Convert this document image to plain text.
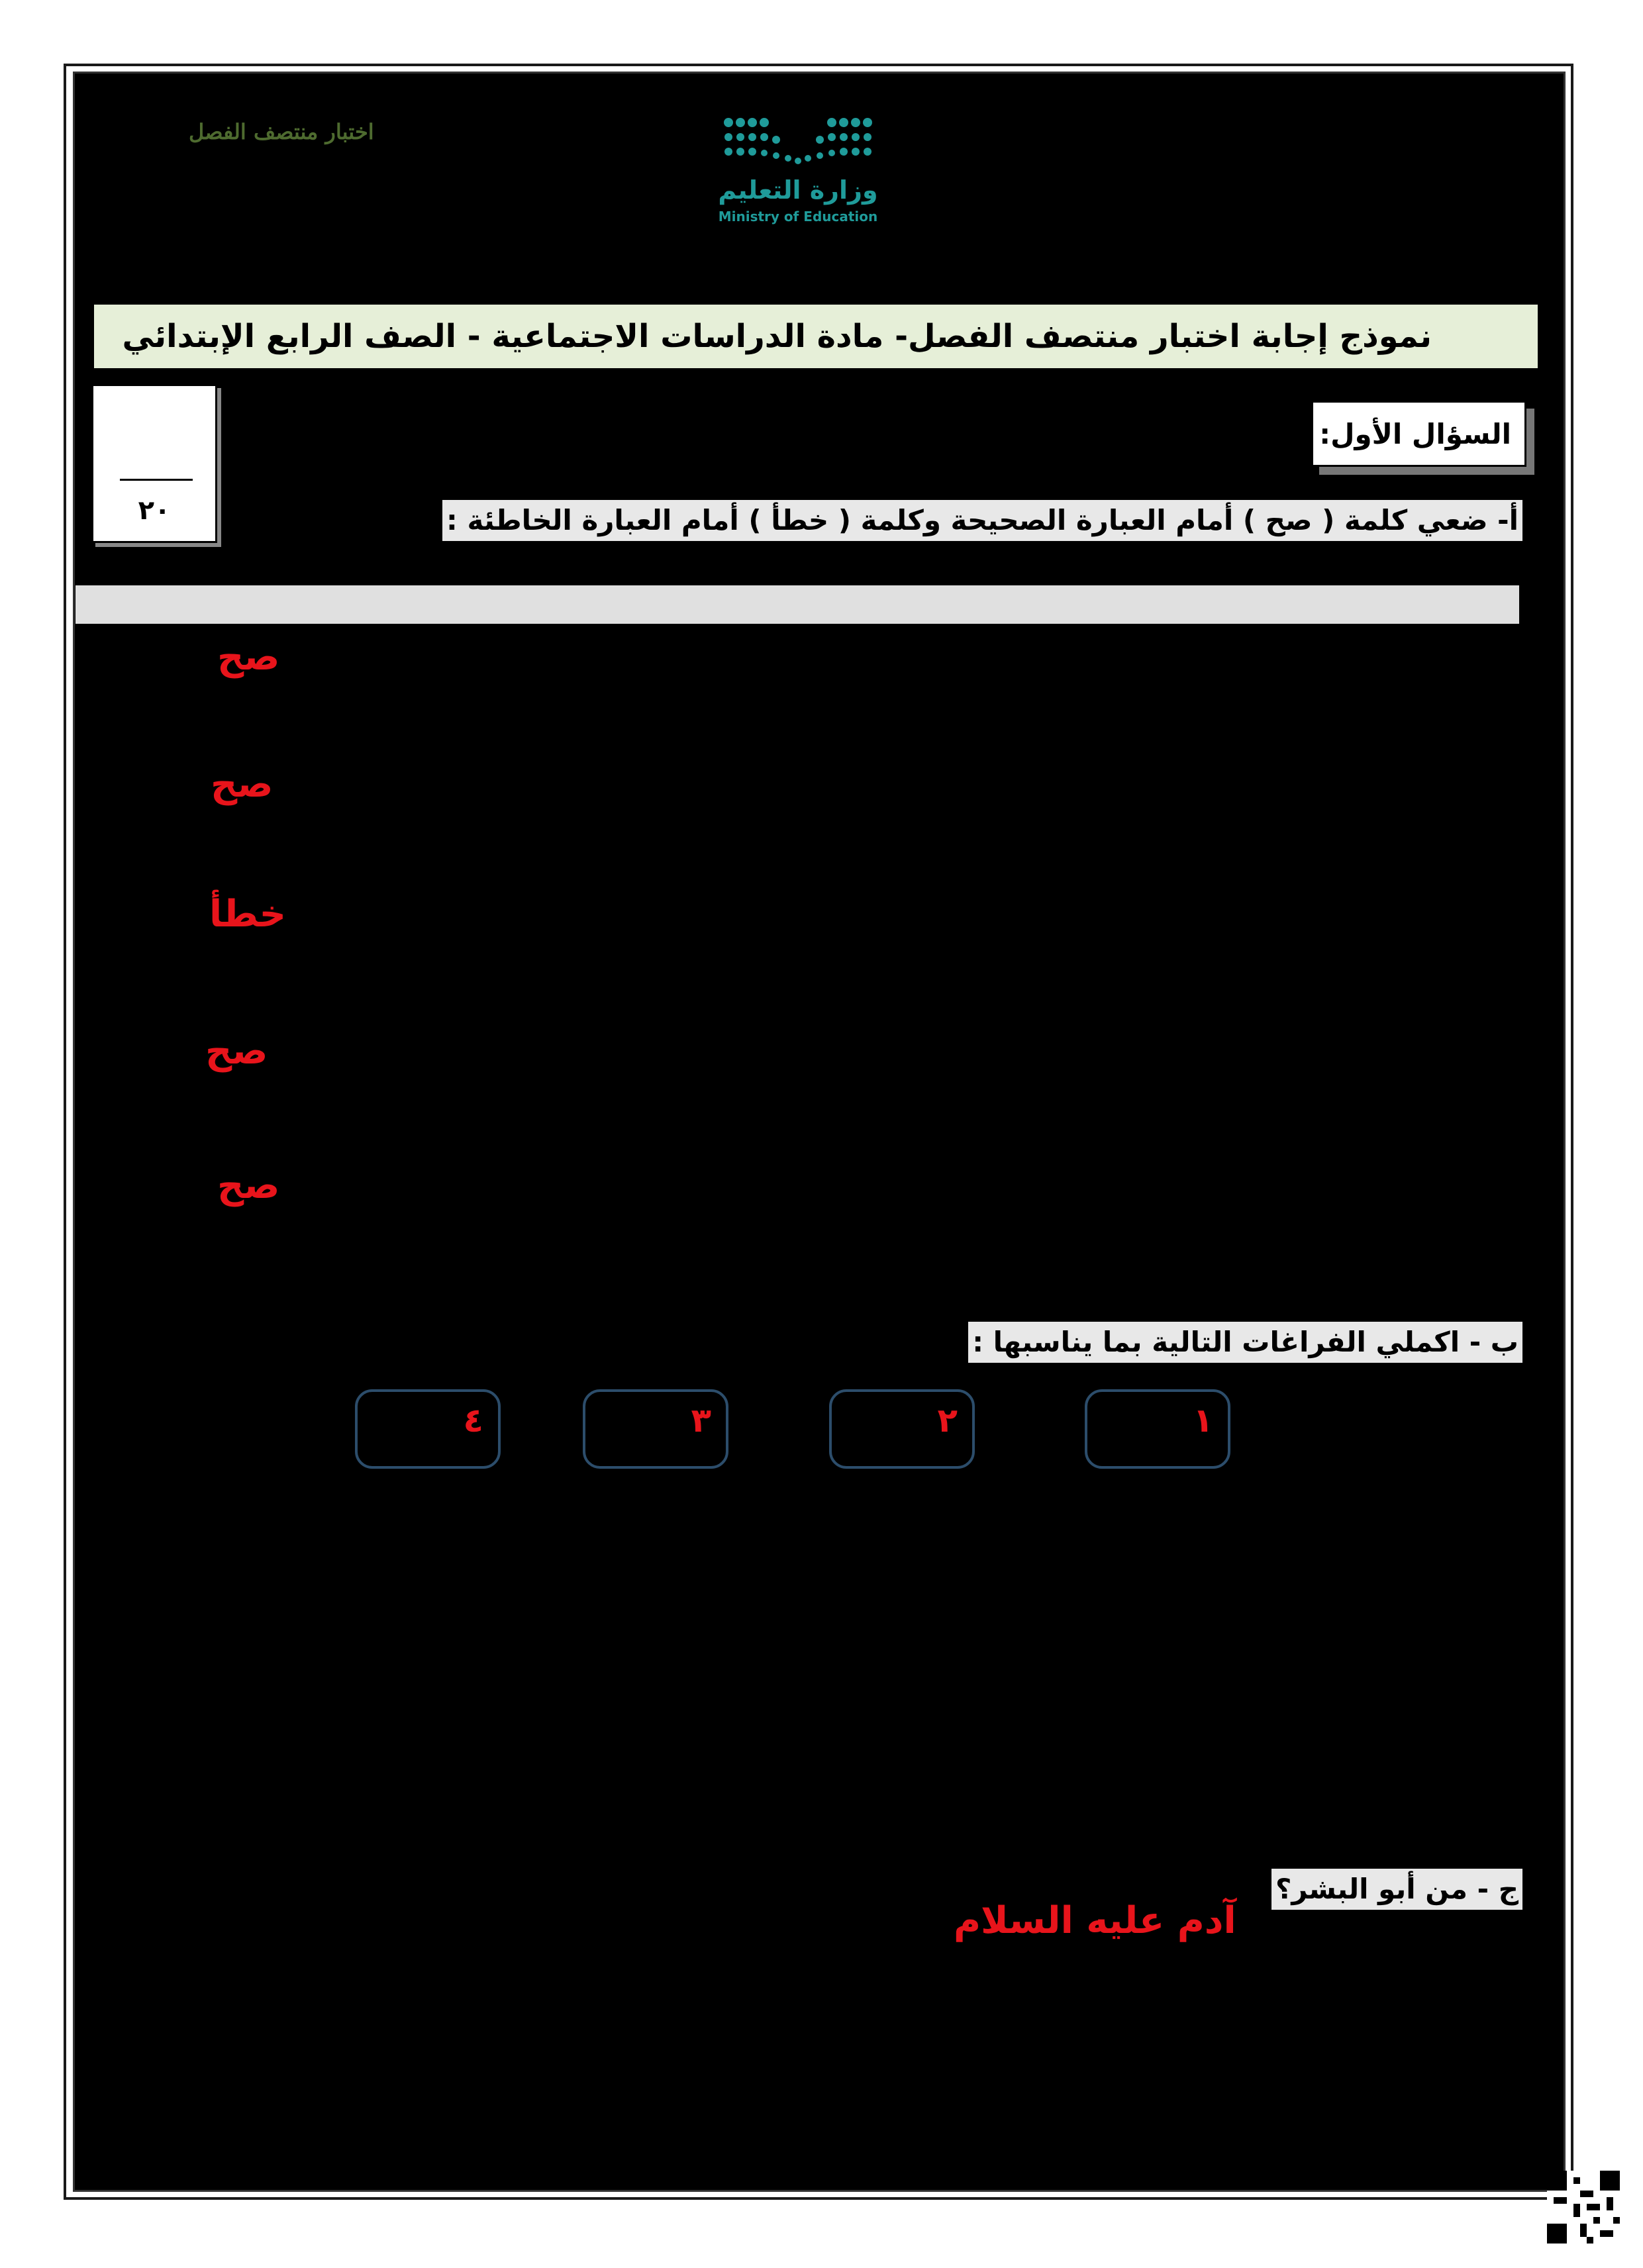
اختبار منتصف الفصل
وزارة التعليم
Ministry of Education
نموذج إجابة اختبار منتصف الفصل- مادة الدراسات الاجتماعية - الصف الرابع الإبتدائي
٢٠
السؤال الأول:
أ- ضعي كلمة ( صح ) أمام العبارة الصحيحة وكلمة ( خطأ ) أمام العبارة الخاطئة :
صح
صح
خطأ
صح
صح
ب - اكملي الفراغات التالية بما يناسبها :
١
٢
٣
٤
ج - من أبو البشر؟
آدم عليه السلام
